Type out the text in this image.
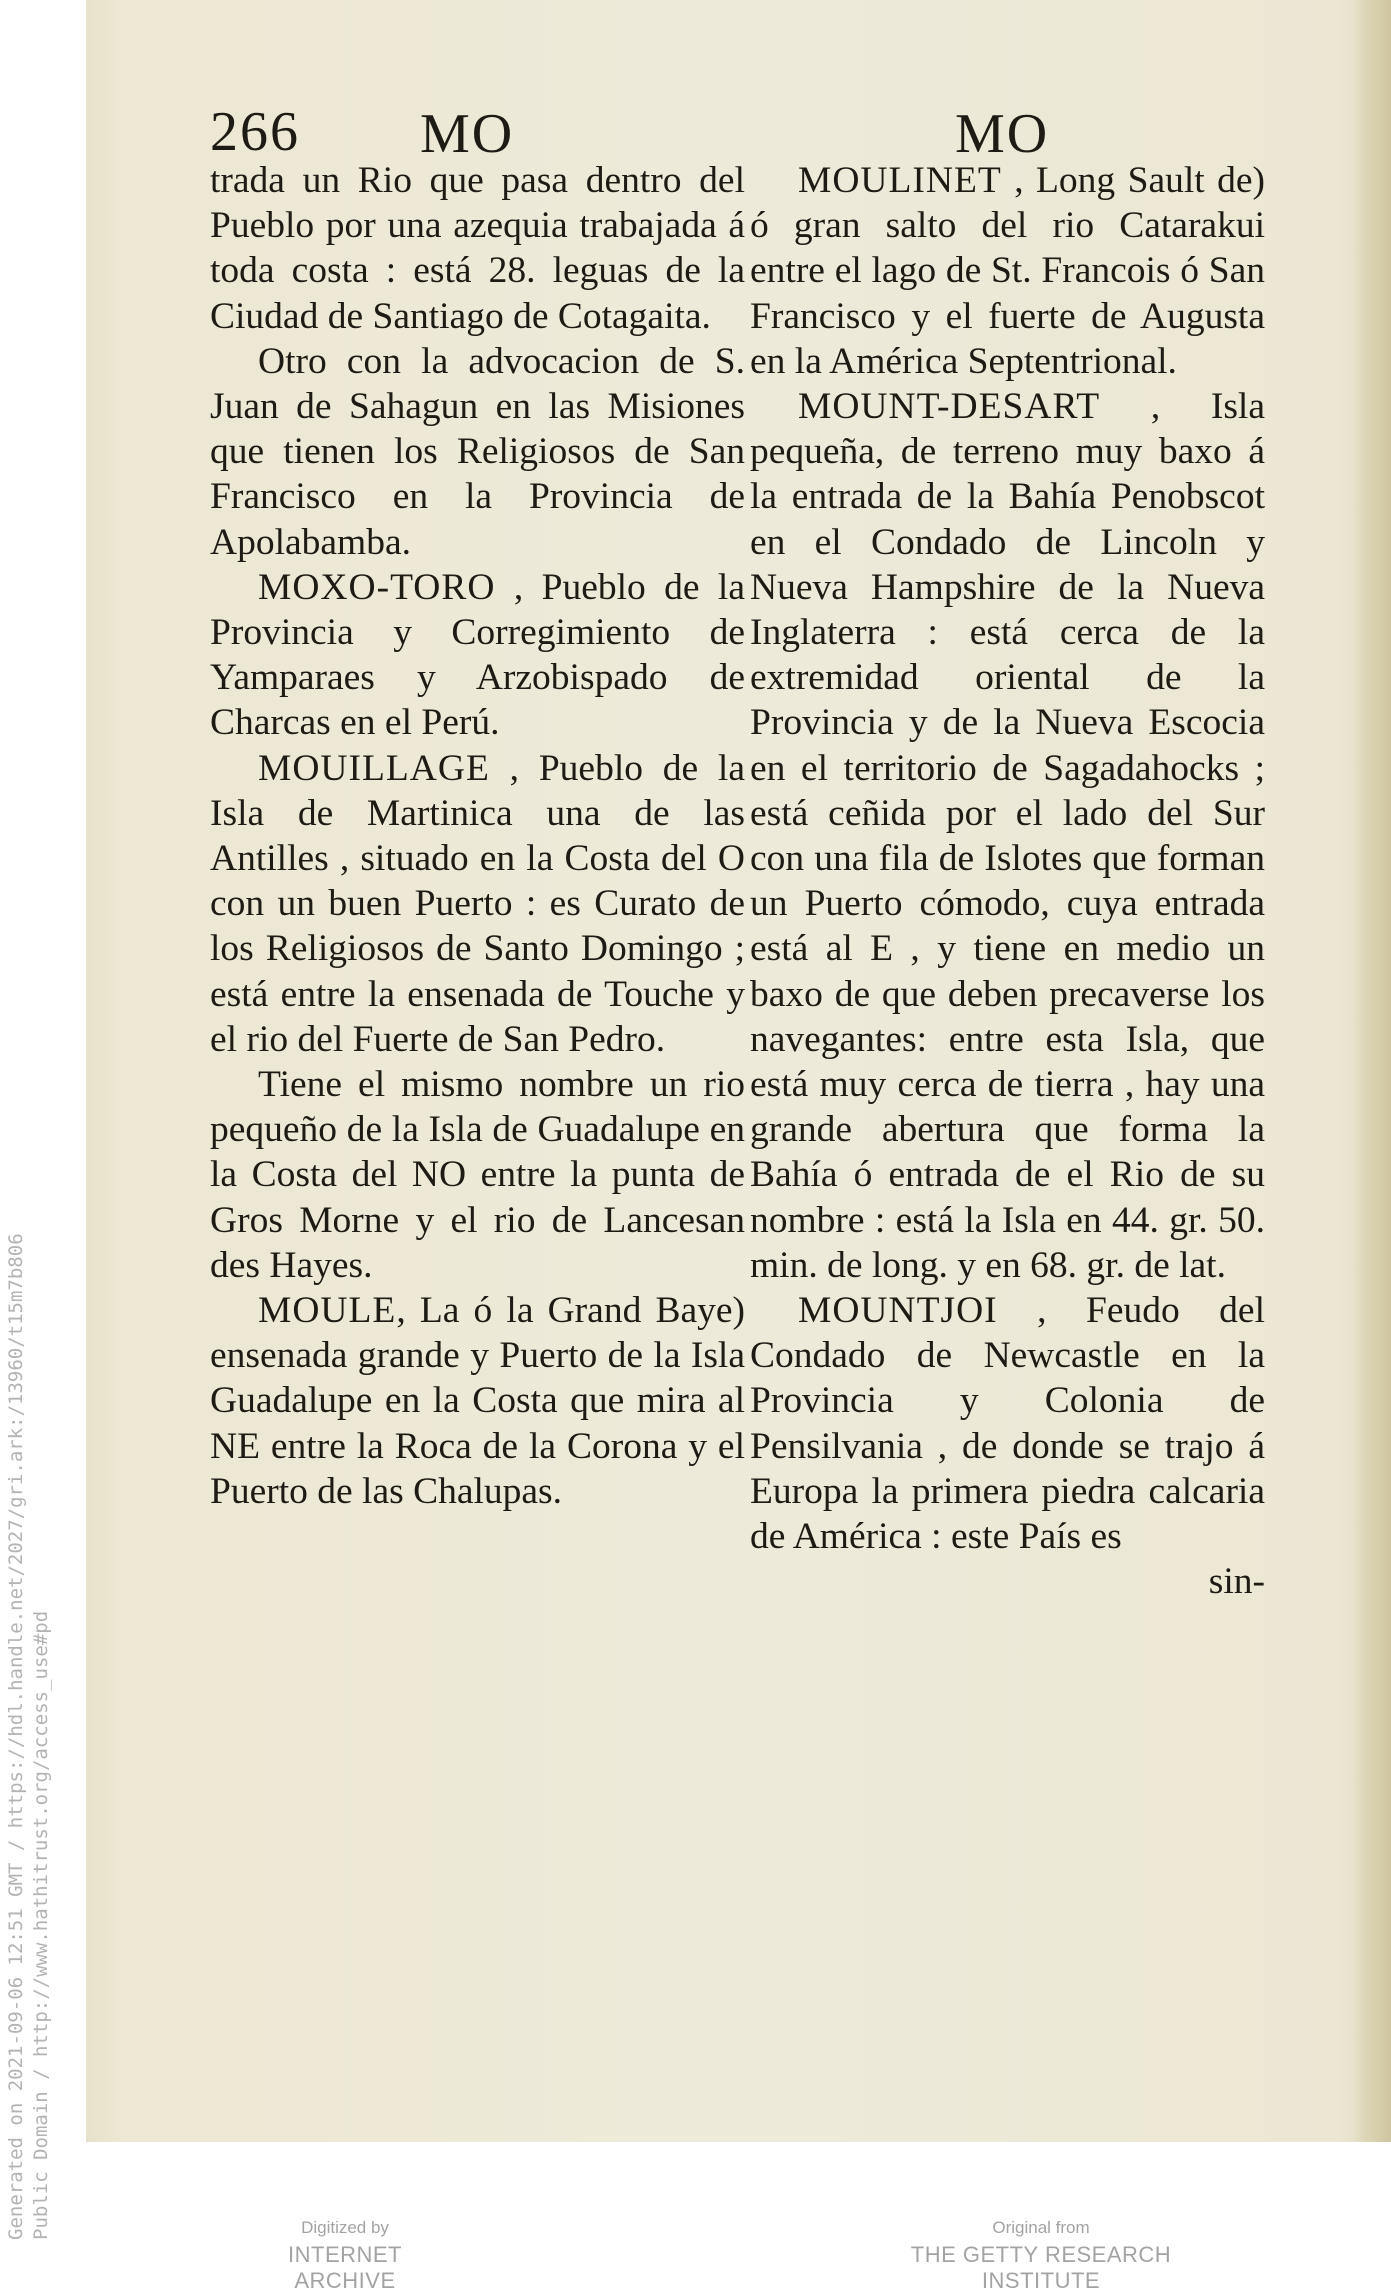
Generated on 2021-09-06 12:51 GMT / https://hdl.handle.net/2027/gri.ark:/13960/t15m7b806 Public Domain / http://www.hathitrust.org/access_use#pd
266 MO	MO

trada un Rio que pasa dentro del Pueblo por una azequia trabajada á toda costa : está 28. leguas de la Ciudad de Santiago de Cotagaita.

Otro con la advocacion de S. Juan de Sahagun en las Misiones que tienen los Religiosos de San Francisco en la Provincia de Apolabamba.

MOXO-TORO , Pueblo de la Provincia y Corregimiento de Yamparaes y Arzobispado de Charcas en el Perú.

MOUILLAGE , Pueblo de la Isla de Martinica una de las Antilles , situado en la Costa del O con un buen Puerto : es Curato de los Religiosos de Santo Domingo ; está entre la ensenada de Touche y el rio del Fuerte de San Pedro.

Tiene el mismo nombre un rio pequeño de la Isla de Guadalupe en la Costa del NO entre la punta de Gros Morne y el rio de Lancesan des Hayes.

MOULE, La ó la Grand Baye) ensenada grande y Puerto de la Isla Guadalupe en la Costa que mira al NE entre la Roca de la Corona y el Puerto de las Chalupas.

MOULINET , Long Sault de) ó gran salto del rio Catarakui entre el lago de St. Francois ó San Francisco y el fuerte de Augusta en la América Septentrional.

MOUNT-DESART , Isla pequeña, de terreno muy baxo á la entrada de la Bahía Penobscot en el Condado de Lincoln y Nueva Hampshire de la Nueva Inglaterra : está cerca de la extremidad oriental de la Provincia y de la Nueva Escocia en el territorio de Sagadahocks ; está ceñida por el lado del Sur con una fila de Islotes que forman un Puerto cómodo, cuya entrada está al E , y tiene en medio un baxo de que deben precaverse los navegantes: entre esta Isla, que está muy cerca de tierra , hay una grande abertura que forma la Bahía ó entrada de el Rio de su nombre : está la Isla en 44. gr. 50. min. de long. y en 68. gr. de lat.

MOUNTJOI , Feudo del Condado de Newcastle en la Provincia y Colonia de Pensilvania , de donde se trajo á Europa la primera piedra calcaria de América : este País es

sin-

Digitized by
INTERNET ARCHIVE
Original from
THE GETTY RESEARCH INSTITUTE
